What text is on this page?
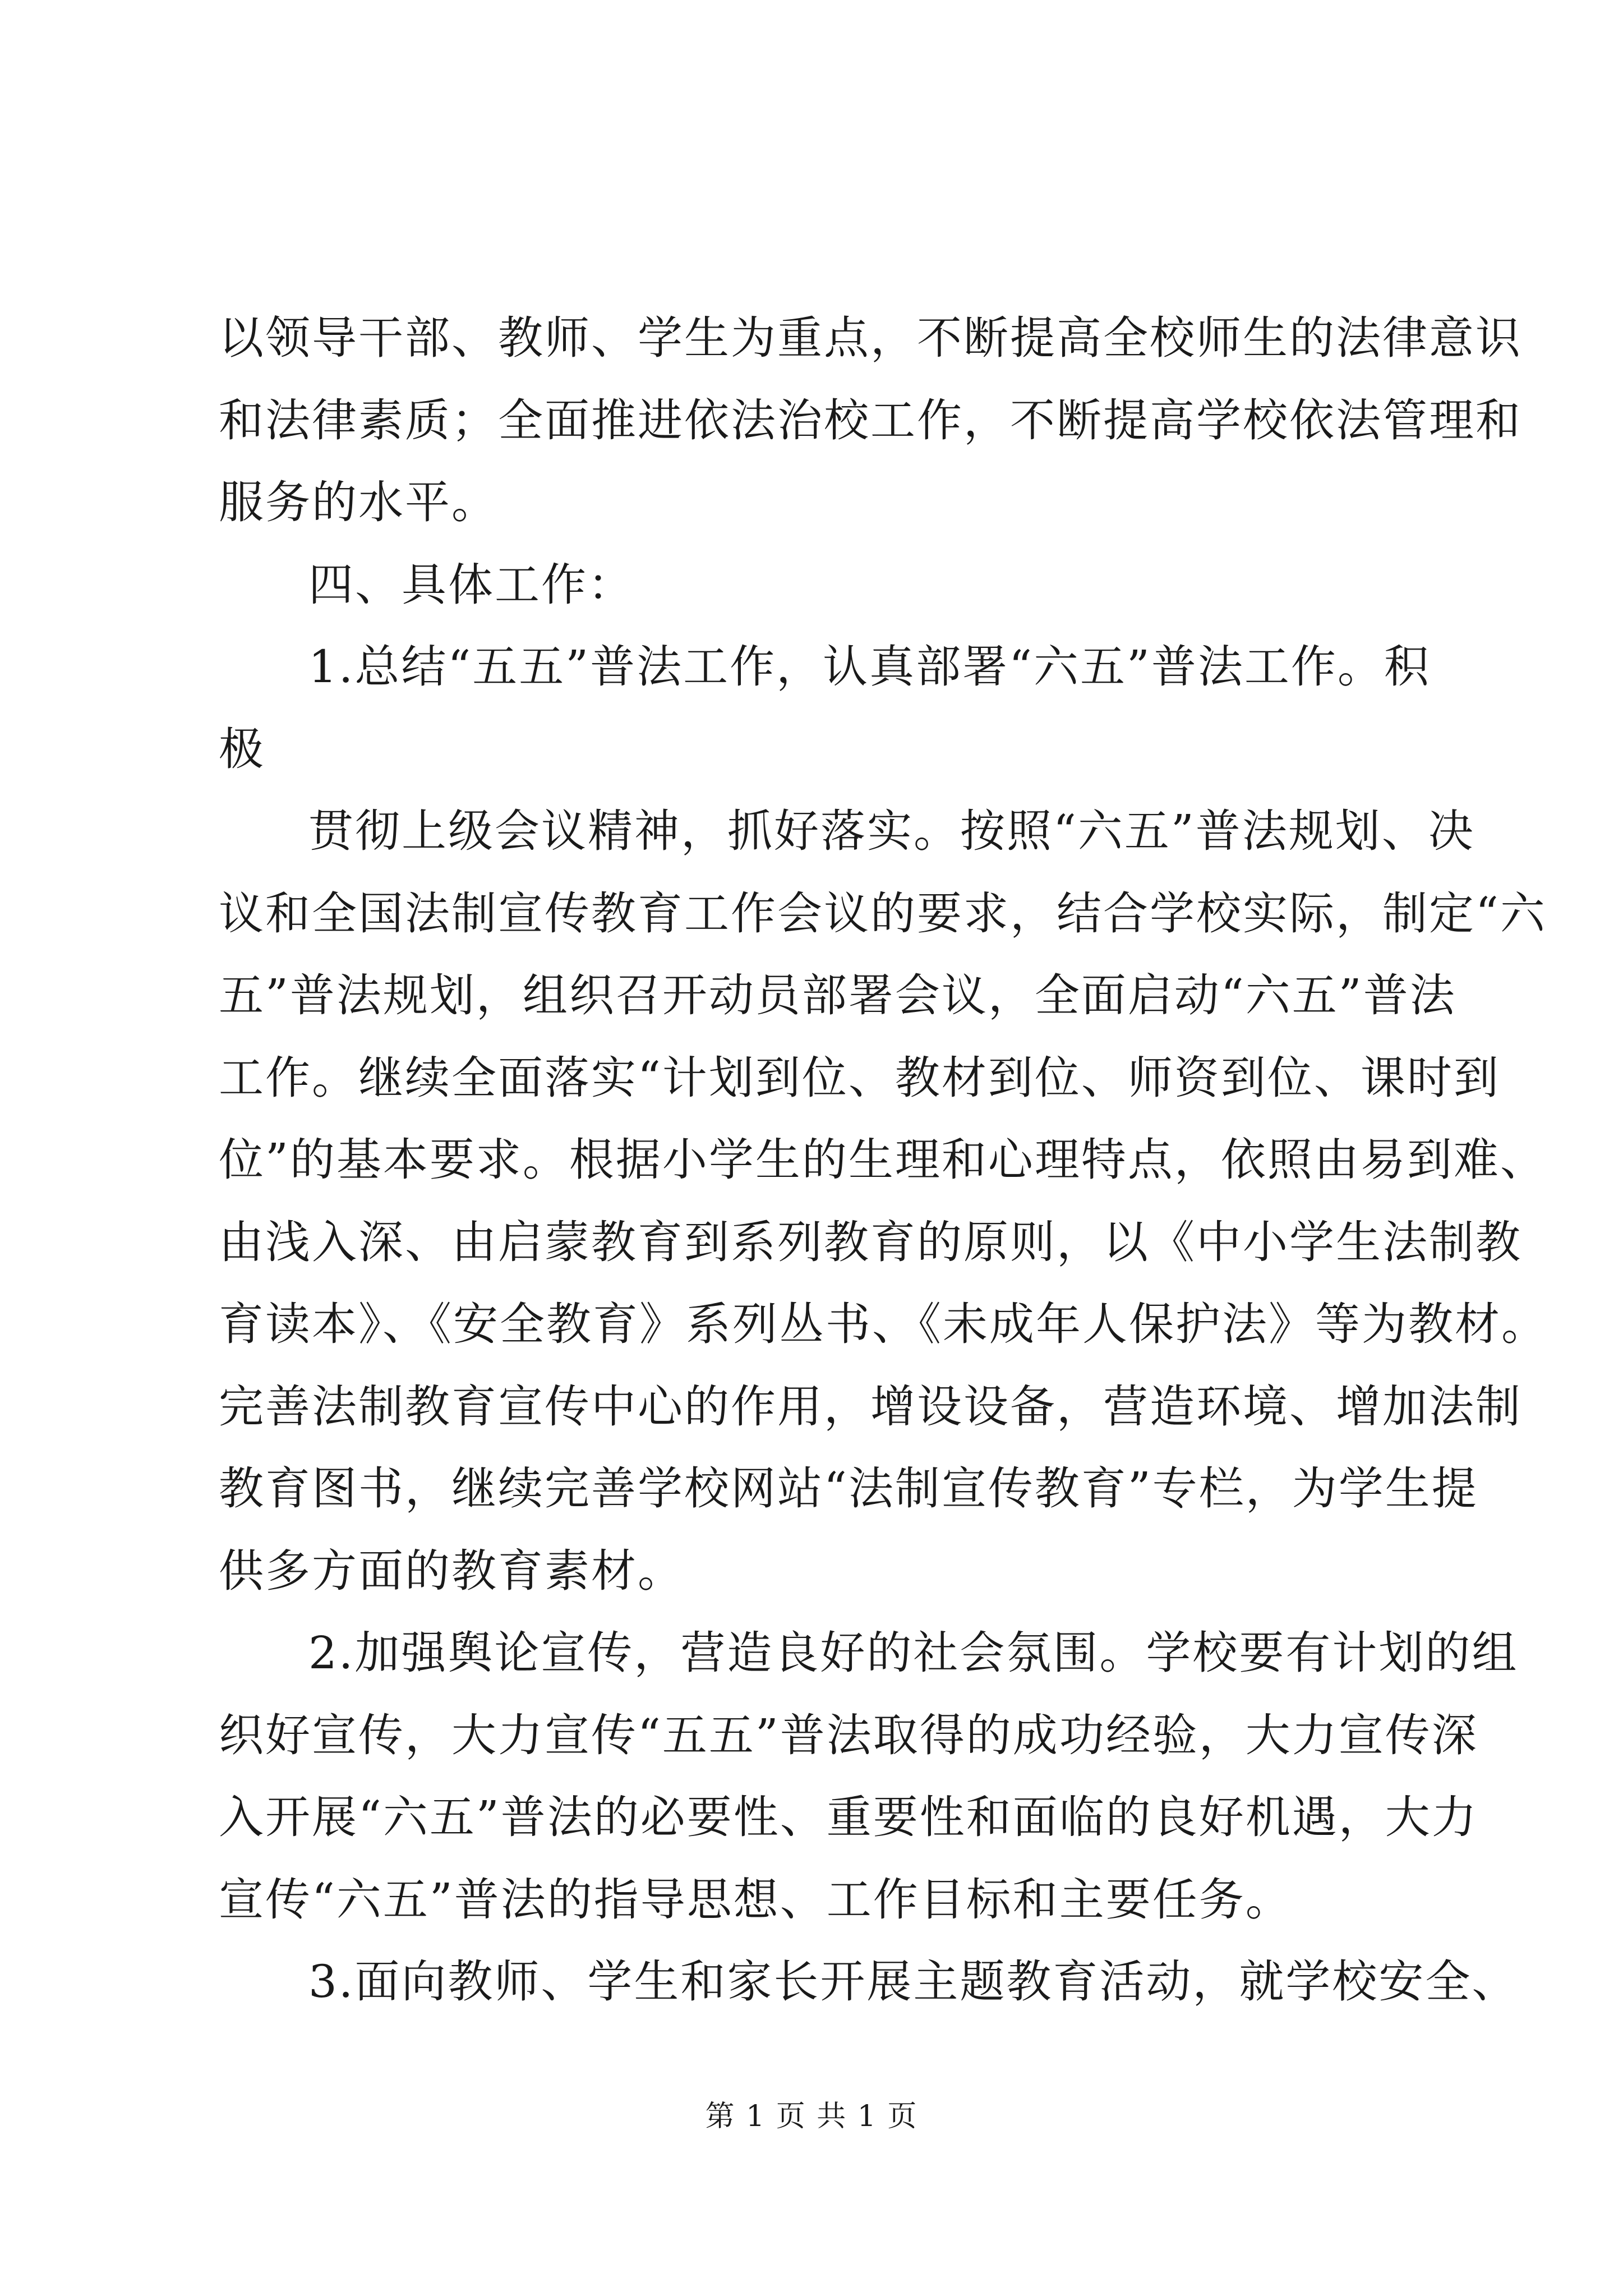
以领导干部、教师、学生为重点，不断提高全校师生的法律意识
和法律素质；全面推进依法治校工作，不断提高学校依法管理和
服务的水平。
四、具体工作：
1.总结“五五”普法工作，认真部署“六五”普法工作。积
极
贯彻上级会议精神，抓好落实。按照“六五”普法规划、决
议和全国法制宣传教育工作会议的要求，结合学校实际，制定“六
五”普法规划，组织召开动员部署会议，全面启动“六五”普法
工作。继续全面落实“计划到位、教材到位、师资到位、课时到
位”的基本要求。根据小学生的生理和心理特点，依照由易到难、
由浅入深、由启蒙教育到系列教育的原则，以《中小学生法制教
育读本》、《安全教育》系列丛书、《未成年人保护法》等为教材。
完善法制教育宣传中心的作用，增设设备，营造环境、增加法制
教育图书，继续完善学校网站“法制宣传教育”专栏，为学生提
供多方面的教育素材。
2.加强舆论宣传，营造良好的社会氛围。学校要有计划的组
织好宣传，大力宣传“五五”普法取得的成功经验，大力宣传深
入开展“六五”普法的必要性、重要性和面临的良好机遇，大力
宣传“六五”普法的指导思想、工作目标和主要任务。
3.面向教师、学生和家长开展主题教育活动，就学校安全、
第 1 页 共 1 页
